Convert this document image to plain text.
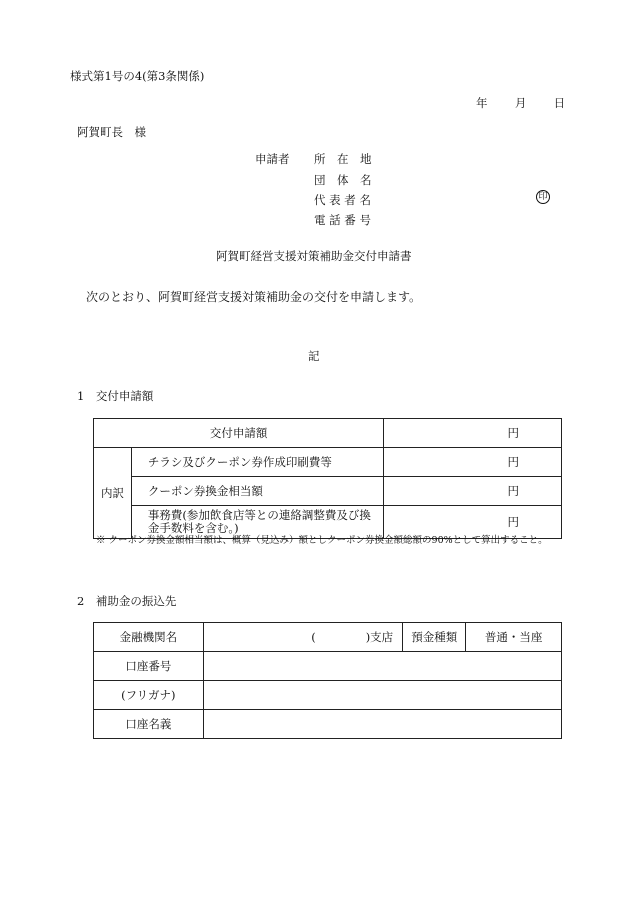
様式第1号の4(第3条関係)
年 月 日
阿賀町長　様
申請者 所　在　地
団　体　名
代 表 者 名
電 話 番 号
印
阿賀町経営支援対策補助金交付申請書
次のとおり、阿賀町経営支援対策補助金の交付を申請します。
記
1　交付申請額
交付申請額		円
内訳	チラシ及びクーポン券作成印刷費等	円
	クーポン券換金相当額	円
	事務費(参加飲食店等との連絡調整費及び換金手数料を含む。)	円
※ クーポン券換金額相当額は、概算（見込み）額としクーポン券換金額総額の90%として算出すること。
2　補助金の振込先
金融機関名	( )支店	預金種類	普通・当座
口座番号			
(フリガナ)			
口座名義			
